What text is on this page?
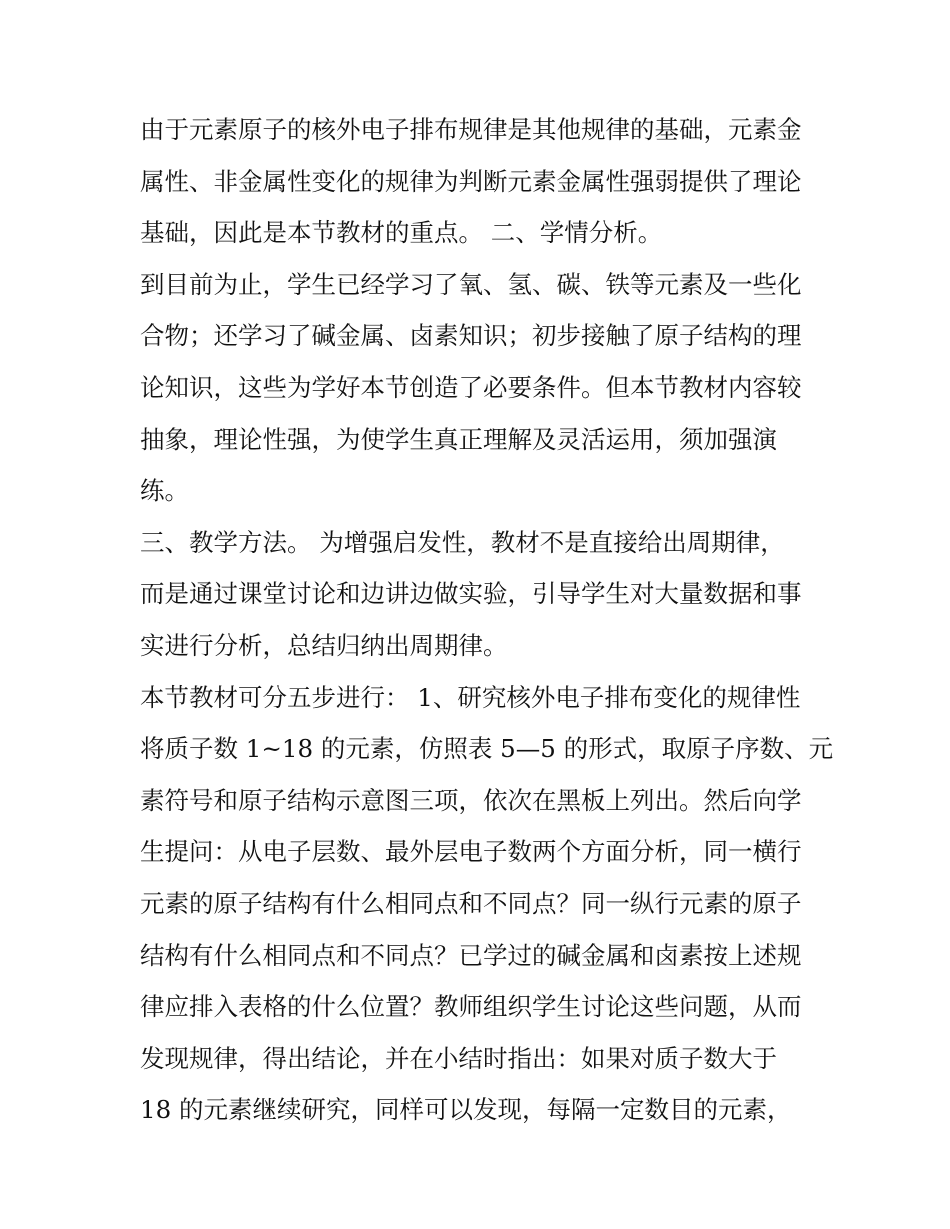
由于元素原子的核外电子排布规律是其他规律的基础，元素金
属性、非金属性变化的规律为判断元素金属性强弱提供了理论
基础，因此是本节教材的重点。 二、学情分析。
到目前为止，学生已经学习了氧、氢、碳、铁等元素及一些化
合物；还学习了碱金属、卤素知识；初步接触了原子结构的理
论知识，这些为学好本节创造了必要条件。但本节教材内容较
抽象，理论性强，为使学生真正理解及灵活运用，须加强演
练。
三、教学方法。 为增强启发性，教材不是直接给出周期律，
而是通过课堂讨论和边讲边做实验，引导学生对大量数据和事
实进行分析，总结归纳出周期律。
本节教材可分五步进行： 1、研究核外电子排布变化的规律性
将质子数 1~18 的元素，仿照表 5—5 的形式，取原子序数、元
素符号和原子结构示意图三项，依次在黑板上列出。然后向学
生提问：从电子层数、最外层电子数两个方面分析，同一横行
元素的原子结构有什么相同点和不同点？同一纵行元素的原子
结构有什么相同点和不同点？已学过的碱金属和卤素按上述规
律应排入表格的什么位置？教师组织学生讨论这些问题，从而
发现规律，得出结论，并在小结时指出：如果对质子数大于
18 的元素继续研究，同样可以发现，每隔一定数目的元素，
